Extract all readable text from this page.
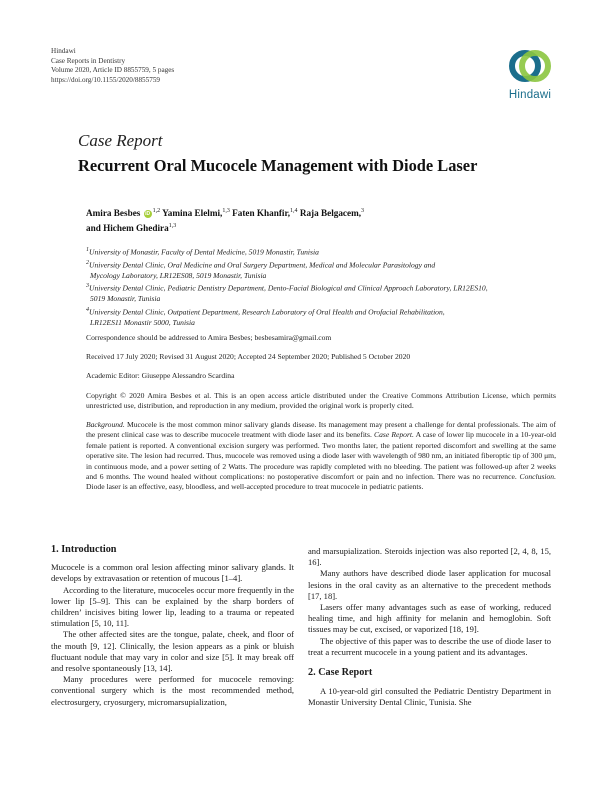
Hindawi
Case Reports in Dentistry
Volume 2020, Article ID 8855759, 5 pages
https://doi.org/10.1155/2020/8855759
Hindawi
Case Report
Recurrent Oral Mucocele Management with Diode Laser
Amira Besbes iD$^{1,2}$ Yamina Elelmi,$^{1,3}$ Faten Khanfir,$^{1,4}$ Raja Belgacem,$^3$
and Hichem Ghedira$^{1,3}$

$^1$University of Monastir, Faculty of Dental Medicine, 5019 Monastir, Tunisia

$^2$University Dental Clinic, Oral Medicine and Oral Surgery Department, Medical and Molecular Parasitology and

Mycology Laboratory, LR12ES08, 5019 Monastir, Tunisia

$^3$University Dental Clinic, Pediatric Dentistry Department, Dento-Facial Biological and Clinical Approach Laboratory, LR12ES10,

5019 Monastir, Tunisia

$^4$University Dental Clinic, Outpatient Department, Research Laboratory of Oral Health and Orofacial Rehabilitation,

LR12ES11 Monastir 5000, Tunisia

Correspondence should be addressed to Amira Besbes; besbesamira@gmail.com
Received 17 July 2020; Revised 31 August 2020; Accepted 24 September 2020; Published 5 October 2020
Academic Editor: Giuseppe Alessandro Scardina
Copyright © 2020 Amira Besbes et al. This is an open access article distributed under the Creative Commons Attribution License, which permits unrestricted use, distribution, and reproduction in any medium, provided the original work is properly cited.
Background. Mucocele is the most common minor salivary glands disease. Its management may present a challenge for dental professionals. The aim of the present clinical case was to describe mucocele treatment with diode laser and its benefits. Case Report. A case of lower lip mucocele in a 10-year-old female patient is reported. A conventional excision surgery was performed. Two months later, the patient reported discomfort and swelling at the same operative site. The lesion had recurred. Thus, mucocele was removed using a diode laser with wavelength of 980 nm, an initiated fiberoptic tip of 300 μm, in continuous mode, and a power setting of 2 Watts. The procedure was rapidly completed with no bleeding. The patient was followed-up after 2 weeks and 6 months. The wound healed without complications: no postoperative discomfort or pain and no infection. There was no recurrence. Conclusion. Diode laser is an effective, easy, bloodless, and well-accepted procedure to treat mucocele in pediatric patients.
1. Introduction

Mucocele is a common oral lesion affecting minor salivary glands. It develops by extravasation or retention of mucous [1–4].

According to the literature, mucoceles occur more frequently in the lower lip [5–9]. This can be explained by the sharp borders of children’ incisives biting lower lip, leading to a trauma or repeated stimulation [5, 10, 11].

The other affected sites are the tongue, palate, cheek, and floor of the mouth [9, 12]. Clinically, the lesion appears as a pink or bluish fluctuant nodule that may vary in color and size [5]. It may break off and resolve spontaneously [13, 14].

Many procedures were performed for mucocele removing: conventional surgery which is the most recommended method, electrosurgery, cryosurgery, micromarsupialization,

and marsupialization. Steroids injection was also reported [2, 4, 8, 15, 16].

Many authors have described diode laser application for mucosal lesions in the oral cavity as an alternative to the precedent methods [17, 18].

Lasers offer many advantages such as ease of working, reduced healing time, and high affinity for melanin and hemoglobin. Soft tissues may be cut, excised, or vaporized [18, 19].

The objective of this paper was to describe the use of diode laser to treat a recurrent mucocele in a young patient and its advantages.

2. Case Report

A 10-year-old girl consulted the Pediatric Dentistry Department in Monastir University Dental Clinic, Tunisia. She
